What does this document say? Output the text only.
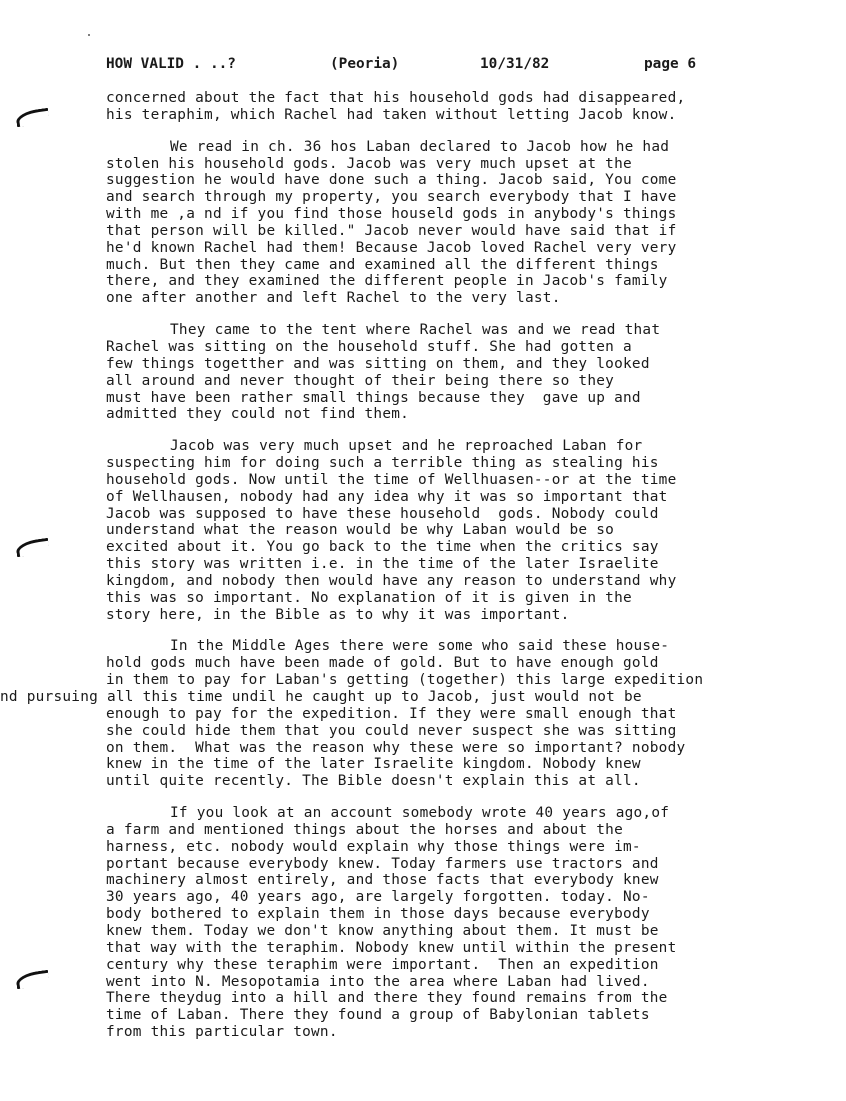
HOW VALID . ..?

	(Peoria)

	10/31/82

	page 6

concerned about the fact that his household gods had disappeared,
his teraphim, which Rachel had taken without letting Jacob know.
We read in ch. 36 hos Laban declared to Jacob how he had
stolen his household gods. Jacob was very much upset at the
suggestion he would have done such a thing. Jacob said, You come
and search through my property, you search everybody that I have
with me ,a nd if you find those houseld gods in anybody's things
that person will be killed." Jacob never would have said that if
he'd known Rachel had them! Because Jacob loved Rachel very very
much. But then they came and examined all the different things
there, and they examined the different people in Jacob's family
one after another and left Rachel to the very last.
They came to the tent where Rachel was and we read that
Rachel was sitting on the household stuff. She had gotten a
few things togetther and was sitting on them, and they looked
all around and never thought of their being there so they
must have been rather small things because they  gave up and
admitted they could not find them.
Jacob was very much upset and he reproached Laban for
suspecting him for doing such a terrible thing as stealing his
household gods. Now until the time of Wellhuasen--or at the time
of Wellhausen, nobody had any idea why it was so important that
Jacob was supposed to have these household  gods. Nobody could
understand what the reason would be why Laban would be so
excited about it. You go back to the time when the critics say
this story was written i.e. in the time of the later Israelite
kingdom, and nobody then would have any reason to understand why
this was so important. No explanation of it is given in the
story here, in the Bible as to why it was important.
In the Middle Ages there were some who said these house-
hold gods much have been made of gold. But to have enough gold
in them to pay for Laban's getting (together) this large expedition
nd pursuing all this time undil he caught up to Jacob, just would not be
enough to pay for the expedition. If they were small enough that
she could hide them that you could never suspect she was sitting
on them.  What was the reason why these were so important? nobody
knew in the time of the later Israelite kingdom. Nobody knew
until quite recently. The Bible doesn't explain this at all.
If you look at an account somebody wrote 40 years ago,of
a farm and mentioned things about the horses and about the
harness, etc. nobody would explain why those things were im-
portant because everybody knew. Today farmers use tractors and
machinery almost entirely, and those facts that everybody knew
30 years ago, 40 years ago, are largely forgotten. today. No-
body bothered to explain them in those days because everybody
knew them. Today we don't know anything about them. It must be
that way with the teraphim. Nobody knew until within the present
century why these teraphim were important.  Then an expedition
went into N. Mesopotamia into the area where Laban had lived.
There theydug into a hill and there they found remains from the
time of Laban. There they found a group of Babylonian tablets
from this particular town.
